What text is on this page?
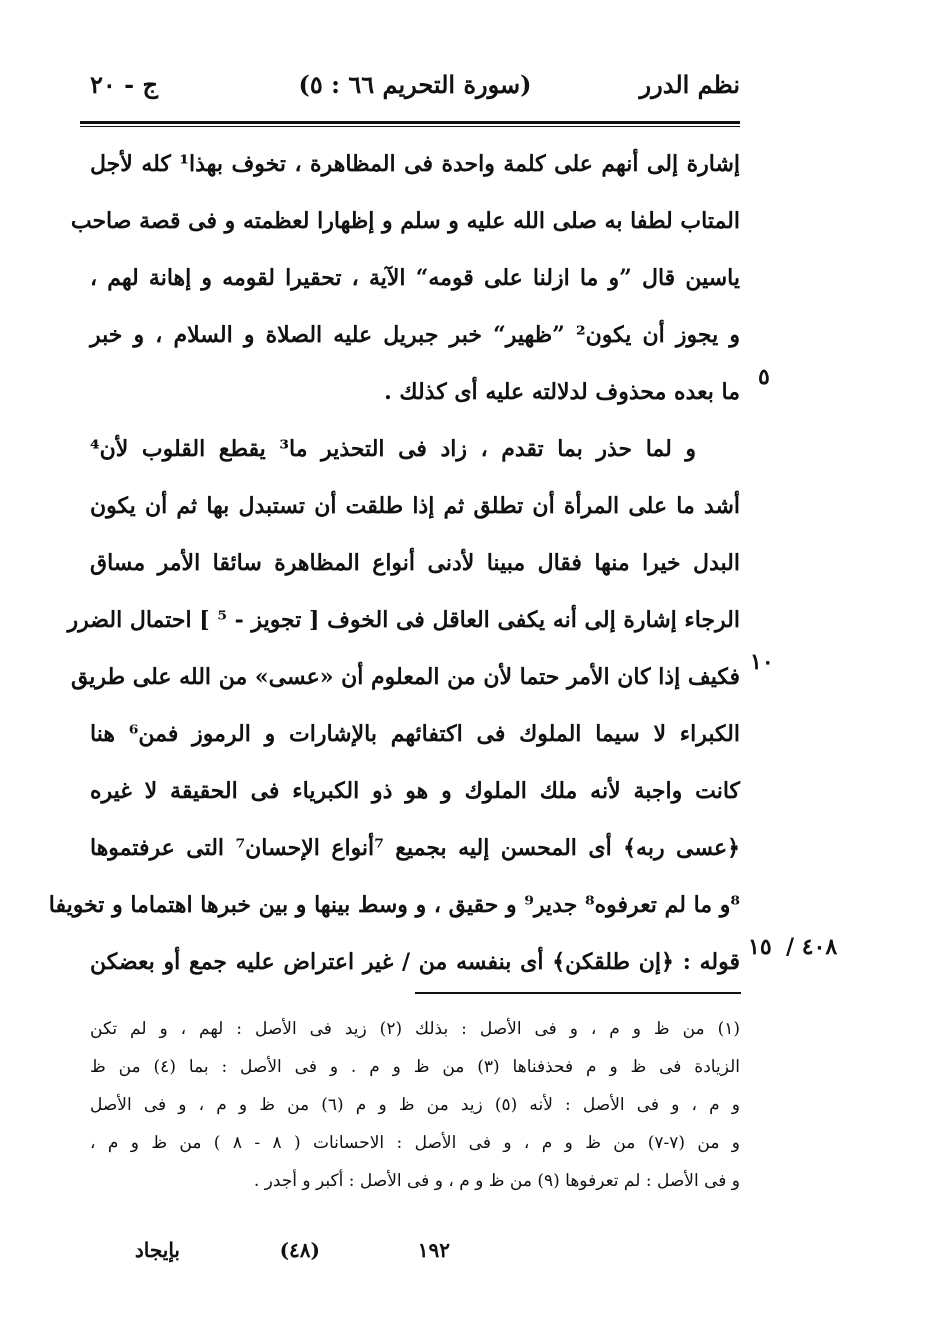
نظم الدرر
(سورة التحريم ٦٦ : ٥)
ج - ٢٠
إشارة إلى أنهم على كلمة واحدة فى المظاهرة ، تخوف بهذا¹ كله لأجل
المتاب لطفا به صلى الله عليه و سلم و إظهارا لعظمته و فى قصة صاحب
ياسين قال ”و ما ازلنا على قومه“ الآية ، تحقيرا لقومه و إهانة لهم ،
و يجوز أن يكون² ”ظهير“ خبر جبريل عليه الصلاة و السلام ، و خبر
ما بعده محذوف لدلالته عليه أى كذلك .
و لما حذر بما تقدم ، زاد فى التحذير ما³ يقطع القلوب لأن⁴
أشد ما على المرأة أن تطلق ثم إذا طلقت أن تستبدل بها ثم أن يكون
البدل خيرا منها فقال مبينا لأدنى أنواع المظاهرة سائقا الأمر مساق
الرجاء إشارة إلى أنه يكفى العاقل فى الخوف [ تجويز - ⁵ ] احتمال الضرر
فكيف إذا كان الأمر حتما لأن من المعلوم أن «عسى» من الله على طريق
الكبراء لا سيما الملوك فى اكتفائهم بالإشارات و الرموز فمن⁶ هنا
كانت واجبة لأنه ملك الملوك و هو ذو الكبرياء فى الحقيقة لا غيره
﴿عسى ربه﴾ أى المحسن إليه بجميع ⁷أنواع الإحسان⁷ التى عرفتموها
⁸و ما لم تعرفوه⁸ جدير⁹ و حقيق ، و وسط بينها و بين خبرها اهتماما و تخويفا
قوله : ﴿إن طلقكن﴾ أى بنفسه من / غير اعتراض عليه جمع أو بعضكن
٥
١٠
١٥ ٤٠٨ /
(١) من ظ و م ، و فى الأصل : بذلك (٢) زيد فى الأصل : لهم ، و لم تكن
الزيادة فى ظ و م فحذفناها (٣) من ظ و م . و فى الأصل : بما (٤) من ظ
و م ، و فى الأصل : لأنه (٥) زيد من ظ و م (٦) من ظ و م ، و فى الأصل
و من (٧-٧) من ظ و م ، و فى الأصل : الاحسانات ( ٨ - ٨ ) من ظ و م ،
و فى الأصل : لم تعرفوها (٩) من ظ و م ، و فى الأصل : أكبر و أجدر .
١٩٢
(٤٨)
بإيجاد
